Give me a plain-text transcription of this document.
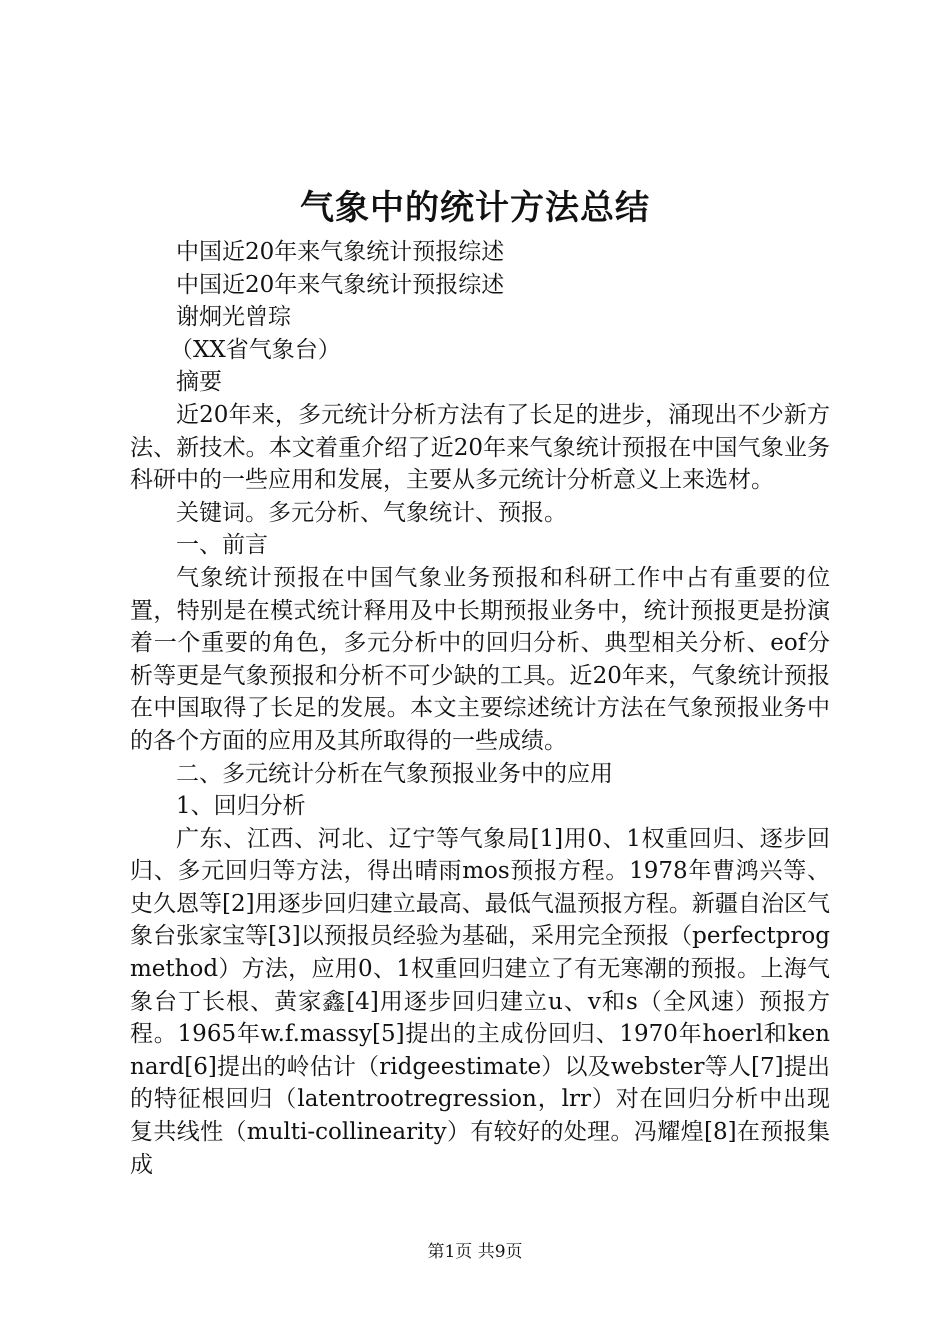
气象中的统计方法总结

中国近20年来气象统计预报综述

中国近20年来气象统计预报综述

谢炯光曾琮

（XX省气象台）

摘要

近20年来，多元统计分析方法有了长足的进步，涌现出不少新方法、新技术。本文着重介绍了近20年来气象统计预报在中国气象业务科研中的一些应用和发展，主要从多元统计分析意义上来选材。

关键词。多元分析、气象统计、预报。

一、前言

气象统计预报在中国气象业务预报和科研工作中占有重要的位置，特别是在模式统计释用及中长期预报业务中，统计预报更是扮演着一个重要的角色，多元分析中的回归分析、典型相关分析、eof分析等更是气象预报和分析不可少缺的工具。近20年来，气象统计预报在中国取得了长足的发展。本文主要综述统计方法在气象预报业务中的各个方面的应用及其所取得的一些成绩。

二、多元统计分析在气象预报业务中的应用

1、回归分析

广东、江西、河北、辽宁等气象局[1]用0、1权重回归、逐步回归、多元回归等方法，得出晴雨mos预报方程。1978年曹鸿兴等、史久恩等[2]用逐步回归建立最高、最低气温预报方程。新疆自治区气象台张家宝等[3]以预报员经验为基础，采用完全预报（perfectprogmethod）方法，应用0、1权重回归建立了有无寒潮的预报。上海气象台丁长根、黄家鑫[4]用逐步回归建立u、v和s（全风速）预报方程。1965年w.f.massy[5]提出的主成份回归、1970年hoerl和kennard[6]提出的岭估计（ridgeestimate）以及webster等人[7]提出的特征根回归（latentrootregression，lrr）对在回归分析中出现复共线性（multi-collinearity）有较好的处理。冯耀煌[8]在预报集成

第1页 共9页
